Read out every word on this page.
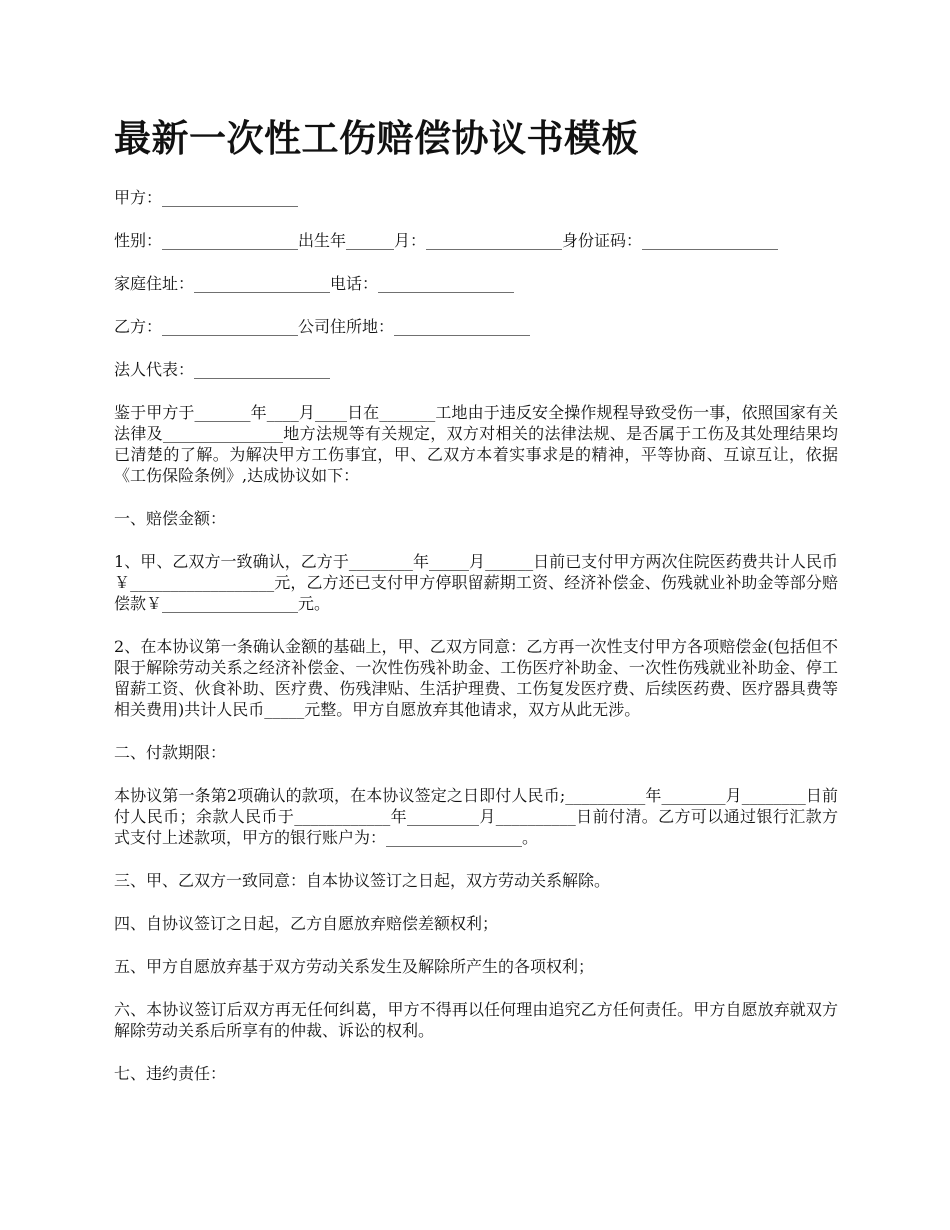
最新一次性工伤赔偿协议书模板

甲方：_________________

性别：_________________出生年______月：_________________身份证码：_________________

家庭住址：_________________电话：_________________

乙方：_________________公司住所地：_________________

法人代表：_________________

鉴于甲方于_______年____月____日在_______工地由于违反安全操作规程导致受伤一事，依照国家有关法律及_______________地方法规等有关规定，双方对相关的法律法规、是否属于工伤及其处理结果均已清楚的了解。为解决甲方工伤事宜，甲、乙双方本着实事求是的精神，平等协商、互谅互让，依据《工伤保险条例》,达成协议如下：

一、赔偿金额：

1、甲、乙双方一致确认，乙方于________年_____月______日前已支付甲方两次住院医药费共计人民币￥__________________元，乙方还已支付甲方停职留薪期工资、经济补偿金、伤残就业补助金等部分赔偿款￥_________________元。

2、在本协议第一条确认金额的基础上，甲、乙双方同意：乙方再一次性支付甲方各项赔偿金(包括但不限于解除劳动关系之经济补偿金、一次性伤残补助金、工伤医疗补助金、一次性伤残就业补助金、停工留薪工资、伙食补助、医疗费、伤残津贴、生活护理费、工伤复发医疗费、后续医药费、医疗器具费等相关费用)共计人民币_____元整。甲方自愿放弃其他请求，双方从此无涉。

二、付款期限：

本协议第一条第2项确认的款项，在本协议签定之日即付人民币;__________年________月________日前付人民币；余款人民币于____________年_________月__________日前付清。乙方可以通过银行汇款方式支付上述款项，甲方的银行账户为：_________________。

三、甲、乙双方一致同意：自本协议签订之日起，双方劳动关系解除。

四、自协议签订之日起，乙方自愿放弃赔偿差额权利；

五、甲方自愿放弃基于双方劳动关系发生及解除所产生的各项权利；

六、本协议签订后双方再无任何纠葛，甲方不得再以任何理由追究乙方任何责任。甲方自愿放弃就双方解除劳动关系后所享有的仲裁、诉讼的权利。

七、违约责任：
